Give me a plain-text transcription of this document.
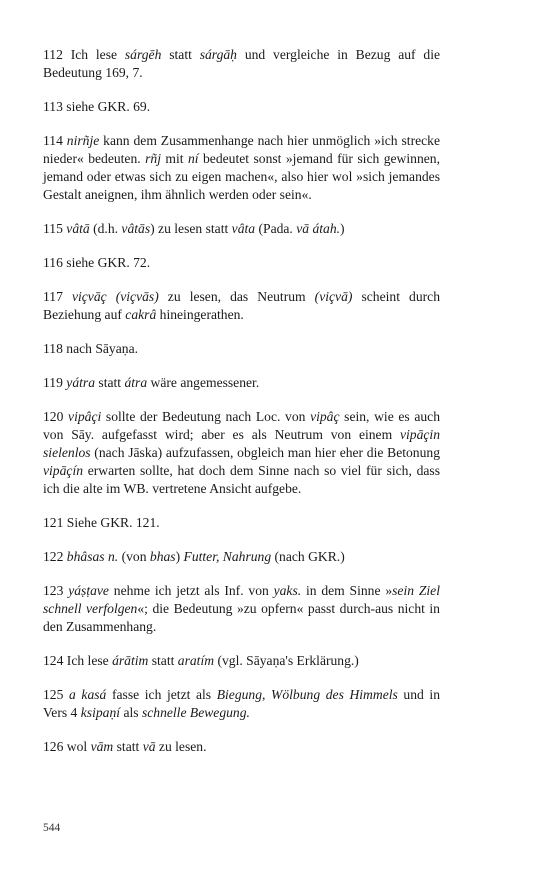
112 Ich lese sárgēh statt sárgāḥ und vergleiche in Bezug auf die Bedeutung 169, 7.

113 siehe GKR. 69.

114 nirñje kann dem Zusammenhange nach hier unmöglich »ich strecke nieder« bedeuten. rñj mit ní bedeutet sonst »jemand für sich gewinnen, jemand oder etwas sich zu eigen machen«, also hier wol »sich jemandes Gestalt aneignen, ihm ähnlich werden oder sein«.

115 vâtā (d.h. vâtās) zu lesen statt vâta (Pada. vā átah.)

116 siehe GKR. 72.

117 viçvāç (viçvās) zu lesen, das Neutrum (viçvā) scheint durch Beziehung auf cakrâ hineingerathen.

118 nach Sāyaṇa.

119 yátra statt átra wäre angemessener.

120 vipâçi sollte der Bedeutung nach Loc. von vipâç sein, wie es auch von Sāy. aufgefasst wird; aber es als Neutrum von einem vipāçin sielenlos (nach Jāska) aufzufassen, obgleich man hier eher die Betonung vipāçín erwarten sollte, hat doch dem Sinne nach so viel für sich, dass ich die alte im WB. vertretene Ansicht aufgebe.

121 Siehe GKR. 121.

122 bhâsas n. (von bhas) Futter, Nahrung (nach GKR.)

123 yáṣṭave nehme ich jetzt als Inf. von yaks. in dem Sinne »sein Ziel schnell verfolgen«; die Bedeutung »zu opfern« passt durch-aus nicht in den Zusammenhang.

124 Ich lese árātim statt aratím (vgl. Sāyaṇa's Erklärung.)

125 a kasá fasse ich jetzt als Biegung, Wölbung des Himmels und in Vers 4 ksipaṇí als schnelle Bewegung.

126 wol vām statt vā zu lesen.

544
